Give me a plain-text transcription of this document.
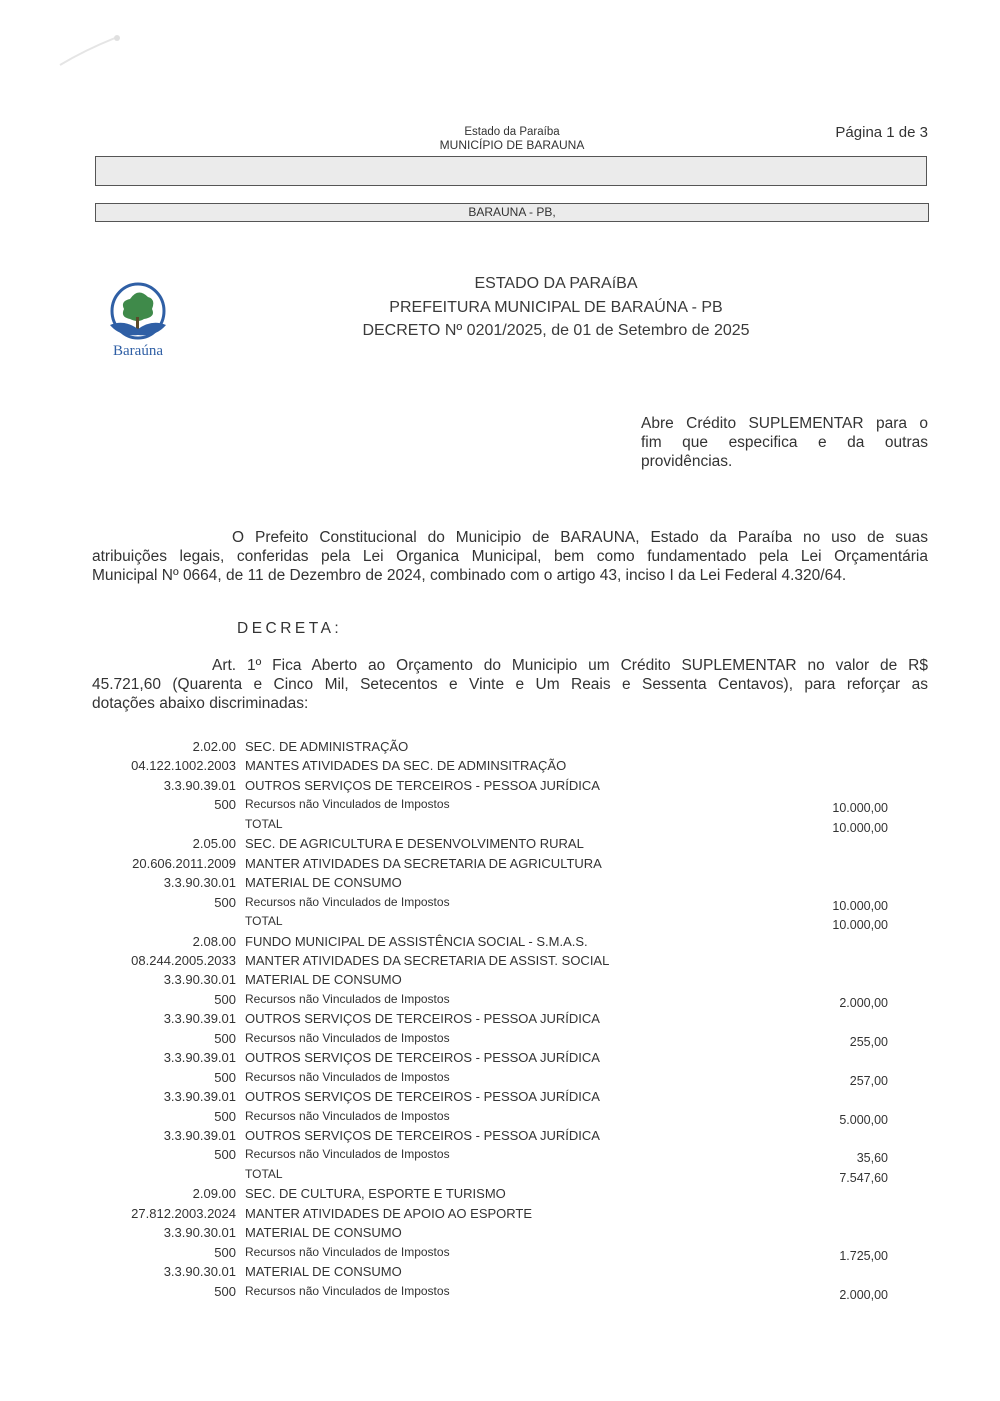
Estado da Paraíba
MUNICÍPIO DE BARAUNA
Página 1 de 3
BARAUNA - PB,
Baraúna
ESTADO DA PARAíBA
PREFEITURA MUNICIPAL DE BARAÚNA - PB
DECRETO Nº 0201/2025, de 01 de Setembro de 2025
Abre Crédito SUPLEMENTAR para o
fim que especifica e da outras
providências.
O Prefeito Constitucional do Municipio de BARAUNA, Estado da Paraíba no uso de suas
atribuições legais, conferidas pela Lei Organica Municipal, bem como fundamentado pela Lei Orçamentária
Municipal Nº 0664, de 11 de Dezembro de 2024, combinado com o artigo 43, inciso I da Lei Federal 4.320/64.
DECRETA:
Art. 1º Fica Aberto ao Orçamento do Municipio um Crédito SUPLEMENTAR no valor de R$
45.721,60 (Quarenta e Cinco Mil, Setecentos e Vinte e Um Reais e Sessenta Centavos), para reforçar as
dotações abaixo discriminadas:
2.02.00 SEC. DE ADMINISTRAÇÃO
04.122.1002.2003 MANTES ATIVIDADES DA SEC. DE ADMINSITRAÇÃO
3.3.90.39.01 OUTROS SERVIÇOS DE TERCEIROS - PESSOA JURÍDICA
500 Recursos não Vinculados de Impostos	10.000,00
TOTAL	10.000,00
2.05.00 SEC. DE AGRICULTURA E DESENVOLVIMENTO RURAL
20.606.2011.2009 MANTER ATIVIDADES DA SECRETARIA DE AGRICULTURA
3.3.90.30.01 MATERIAL DE CONSUMO
500 Recursos não Vinculados de Impostos	10.000,00
TOTAL	10.000,00
2.08.00 FUNDO MUNICIPAL DE ASSISTÊNCIA SOCIAL - S.M.A.S.
08.244.2005.2033 MANTER ATIVIDADES DA SECRETARIA DE ASSIST. SOCIAL
3.3.90.30.01 MATERIAL DE CONSUMO
500 Recursos não Vinculados de Impostos	2.000,00
3.3.90.39.01 OUTROS SERVIÇOS DE TERCEIROS - PESSOA JURÍDICA
500 Recursos não Vinculados de Impostos	255,00
3.3.90.39.01 OUTROS SERVIÇOS DE TERCEIROS - PESSOA JURÍDICA
500 Recursos não Vinculados de Impostos	257,00
3.3.90.39.01 OUTROS SERVIÇOS DE TERCEIROS - PESSOA JURÍDICA
500 Recursos não Vinculados de Impostos	5.000,00
3.3.90.39.01 OUTROS SERVIÇOS DE TERCEIROS - PESSOA JURÍDICA
500 Recursos não Vinculados de Impostos	35,60
TOTAL	7.547,60
2.09.00 SEC. DE CULTURA, ESPORTE E TURISMO
27.812.2003.2024 MANTER ATIVIDADES DE APOIO AO ESPORTE
3.3.90.30.01 MATERIAL DE CONSUMO
500 Recursos não Vinculados de Impostos	1.725,00
3.3.90.30.01 MATERIAL DE CONSUMO
500 Recursos não Vinculados de Impostos	2.000,00
